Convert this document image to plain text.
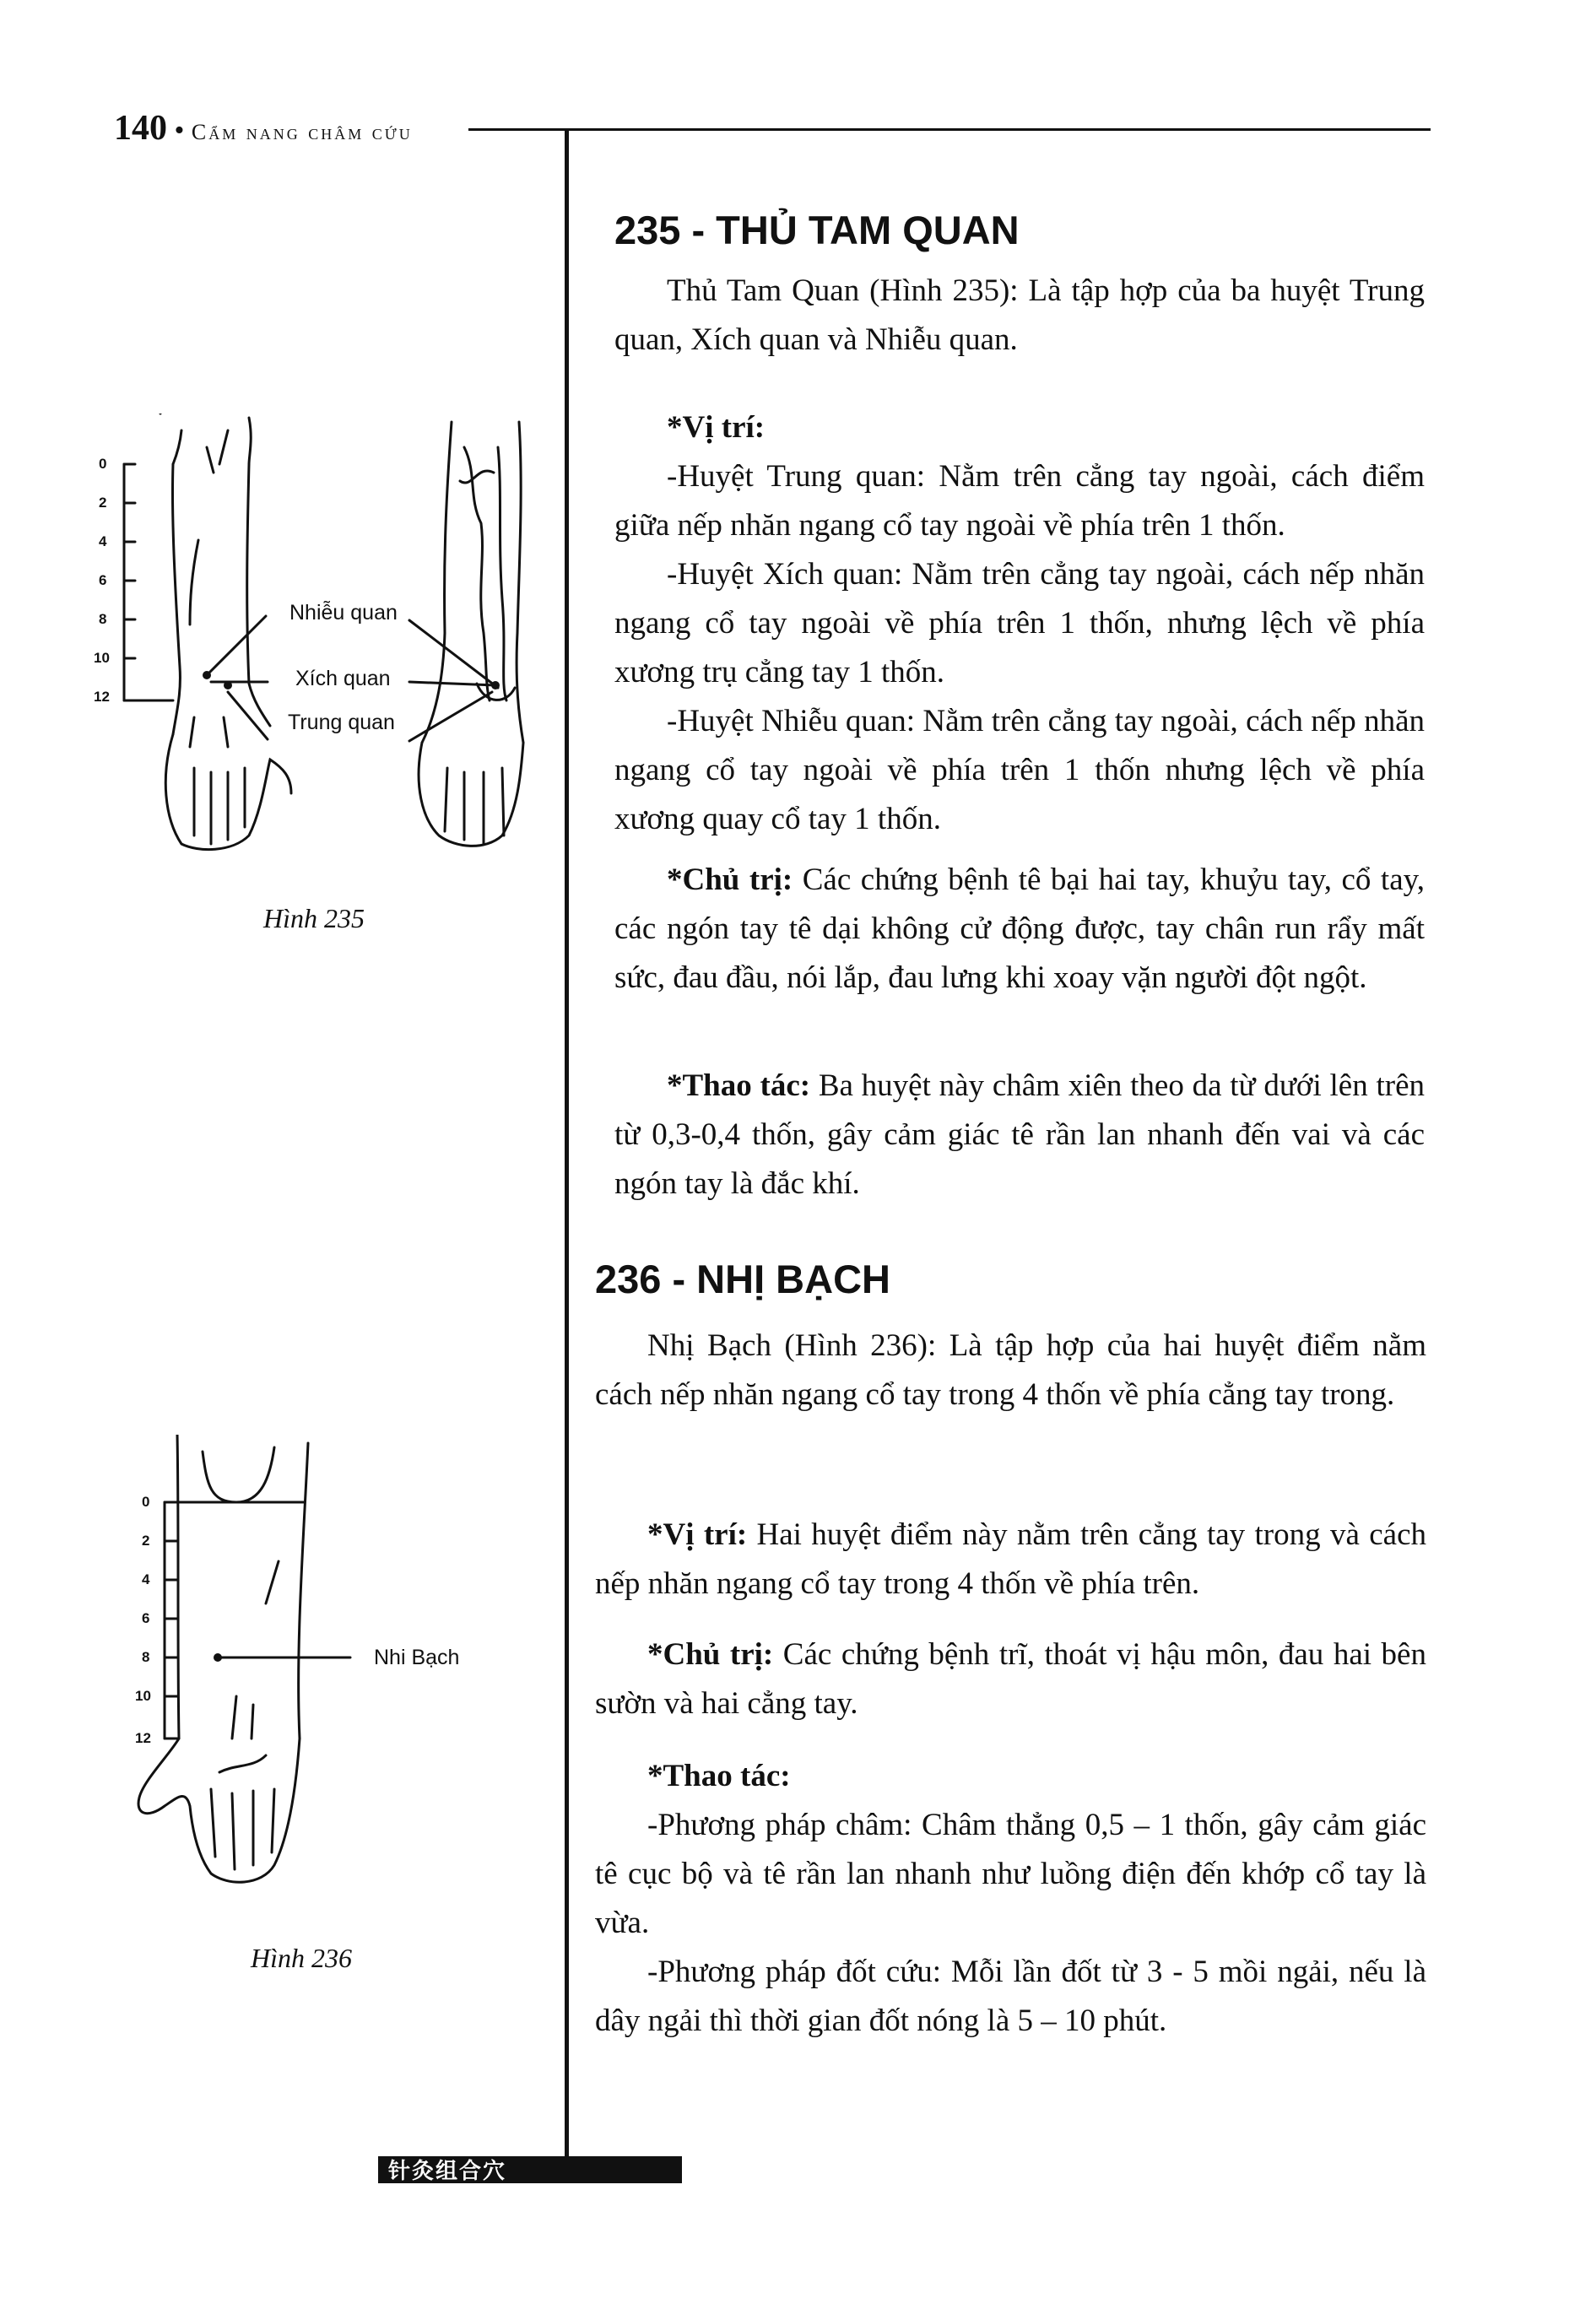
140 • Cẩm nang châm cứu
235 - THỦ TAM QUAN
Thủ Tam Quan (Hình 235): Là tập hợp của ba huyệt Trung quan, Xích quan và Nhiễu quan.
*Vị trí:
-Huyệt Trung quan: Nằm trên cẳng tay ngoài, cách điểm giữa nếp nhăn ngang cổ tay ngoài về phía trên 1 thốn.
-Huyệt Xích quan: Nằm trên cẳng tay ngoài, cách nếp nhăn ngang cổ tay ngoài về phía trên 1 thốn, nhưng lệch về phía xương trụ cẳng tay 1 thốn.
-Huyệt Nhiễu quan: Nằm trên cẳng tay ngoài, cách nếp nhăn ngang cổ tay ngoài về phía trên 1 thốn nhưng lệch về phía xương quay cổ tay 1 thốn.
*Chủ trị: Các chứng bệnh tê bại hai tay, khuỷu tay, cổ tay, các ngón tay tê dại không cử động được, tay chân run rẩy mất sức, đau đầu, nói lắp, đau lưng khi xoay vặn người đột ngột.
*Thao tác: Ba huyệt này châm xiên theo da từ dưới lên trên từ 0,3-0,4 thốn, gây cảm giác tê rần lan nhanh đến vai và các ngón tay là đắc khí.
236 - NHỊ BẠCH
Nhị Bạch (Hình 236): Là tập hợp của hai huyệt điểm nằm cách nếp nhăn ngang cổ tay trong 4 thốn về phía cẳng tay trong.
*Vị trí: Hai huyệt điểm này nằm trên cẳng tay trong và cách nếp nhăn ngang cổ tay trong 4 thốn về phía trên.
*Chủ trị: Các chứng bệnh trĩ, thoát vị hậu môn, đau hai bên sườn và hai cẳng tay.
*Thao tác:
-Phương pháp châm: Châm thẳng 0,5 – 1 thốn, gây cảm giác tê cục bộ và tê rần lan nhanh như luồng điện đến khớp cổ tay là vừa.
-Phương pháp đốt cứu: Mỗi lần đốt từ 3 - 5 mồi ngải, nếu là dây ngải thì thời gian đốt nóng là 5 – 10 phút.
0
2
4
6
8
10
12
Nhiễu quan
Xích quan
Trung quan
Hình 235
0
2
4
6
8
10
12
Nhi Bạch
Hình 236
针灸组合穴
